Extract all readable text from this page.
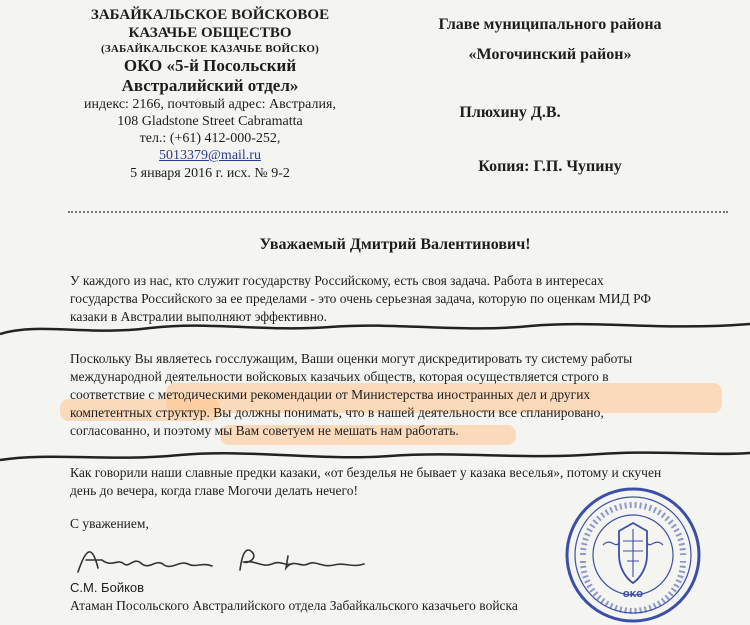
ЗАБАЙКАЛЬСКОЕ ВОЙСКОВОЕ
КАЗАЧЬЕ ОБЩЕСТВО
(ЗАБАЙКАЛЬСКОЕ КАЗАЧЬЕ ВОЙСКО)
ОКО «5-й Посольский
Австралийский отдел»
индекс: 2166, почтовый адрес: Австралия,
108 Gladstone Street Cabramatta
тел.: (+61) 412-000-252,
5013379@mail.ru
5 января 2016 г. исх. № 9-2
Главе муниципального района
«Могочинский район»
Плюхину Д.В.
Копия: Г.П. Чупину
Уважаемый Дмитрий Валентинович!
У каждого из нас, кто служит государству Российскому, есть своя задача. Работа в интересах
государства Российского за ее пределами - это очень серьезная задача, которую по оценкам МИД РФ
казаки в Австралии выполняют эффективно.
Поскольку Вы являетесь госслужащим, Ваши оценки могут дискредитировать ту систему работы
международной деятельности войсковых казачьих обществ, которая осуществляется строго в
соответствие с методическими рекомендации от Министерства иностранных дел и других
компетентных структур. Вы должны понимать, что в нашей деятельности все спланировано,
согласованно, и поэтому мы Вам советуем не мешать нам работать.
Как говорили наши славные предки казаки, «от безделья не бывает у казака веселья», потому и скучен
день до вечера, когда главе Могочи делать нечего!
С уважением,
С.М. Бойков
Атаман Посольского Австралийского отдела Забайкальского казачьего войска
ОКО
